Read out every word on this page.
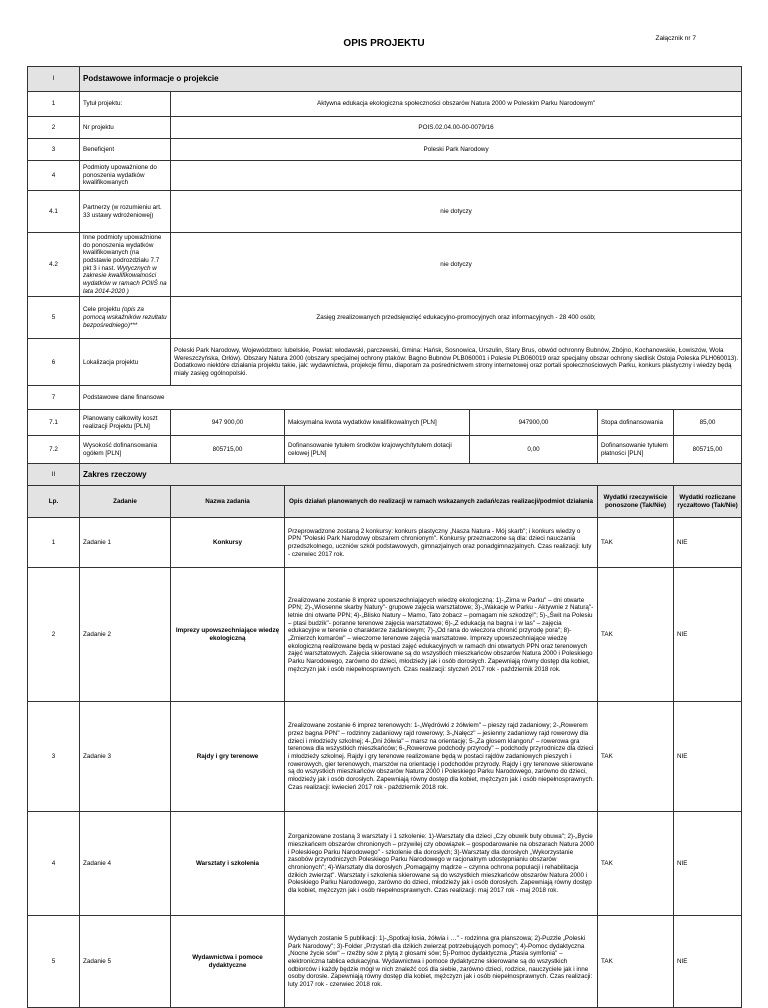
OPIS PROJEKTU	Załącznik nr 7
I	Podstawowe informacje o projekcie					
1	Tytuł projektu:	Aktywna edukacja ekologiczna społeczności obszarów Natura 2000 w Poleskim Parku Narodowym"				
2	Nr projektu	POIS.02.04.00-00-0079/16				
3	Beneficjent	Poleski Park Narodowy				
4	Podmioty upoważnione do ponoszenia wydatków kwalifikowanych					
4.1	Partnerzy (w rozumieniu art. 33 ustawy wdrożeniowej)	nie dotyczy				
4.2	Inne podmioty upoważnione do ponoszenia wydatków kwalifikowanych (na podstawie podrozdziału 7.7 pkt 3 i nast. Wytycznych w zakresie kwalifikowalności wydatków w ramach POIiŚ na lata 2014-2020 )	nie dotyczy				
5	Cele projektu (opis za pomocą wskaźników rezultatu bezpośredniego)***	Zasięg zrealizowanych przedsięwzięć edukacyjno-promocyjnych oraz informacyjnych - 28 400 osób;				
6	Lokalizacja projektu	Poleski Park Narodowy, Województwo: lubelskie, Powiat: włodawski, parczewski, Gmina: Hańsk, Sosnowica, Urszulin, Stary Brus, obwód ochronny Bubnów, Zbójno, Kochanowskie, Łowiszów, Wola Wereszczyńska, Orłów). Obszary Natura 2000 (obszary specjalnej ochrony ptaków: Bagno Bubnów PLB060001 i Polesie PLB060019 oraz specjalny obszar ochrony siedlisk Ostoja Poleska PLH060013). Dodatkowo niektóre działania projektu takie, jak: wydawnictwa, projekcje filmu, diaporam za pośrednictwem strony internetowej oraz portali społecznościowych Parku, konkurs plastyczny i wiedzy będą miały zasięg ogólnopolski.				
7	Podstawowe dane finansowe					
7.1	Planowany całkowity koszt realizacji Projektu [PLN]	947 900,00	Maksymalna kwota wydatków kwalifikowalnych [PLN]	947900,00	Stopa dofinansowania	85,00
7.2	Wysokość dofinansowania ogółem [PLN]	805715,00	Dofinansowanie tytułem środków krajowych/tytułem dotacji celowej [PLN]	0,00	Dofinansowanie tytułem płatności [PLN]	805715,00
II	Zakres rzeczowy					
Lp.	Zadanie	Nazwa zadania	Opis działań planowanych do realizacji w ramach wskazanych zadań/czas realizacji/podmiot działania		Wydatki rzeczywiście ponoszone (Tak/Nie)	Wydatki rozliczane ryczałtowo (Tak/Nie)
1	Zadanie 1	Konkursy	Przeprowadzone zostaną 2 konkursy: konkurs plastyczny „Nasza Natura - Mój skarb"; i konkurs wiedzy o PPN "Poleski Park Narodowy obszarem chronionym". Konkursy przeznaczone są dla: dzieci nauczania przedszkolnego, uczniów szkół podstawowych, gimnazjalnych oraz ponadgimnazjalnych. Czas realizacji: luty - czerwiec 2017 rok.		TAK	NIE
2	Zadanie 2	Imprezy upowszechniające wiedzę ekologiczną	Zrealizowane zostanie 8 imprez upowszechniających wiedzę ekologiczną: 1)-„Zima w Parku" – dni otwarte PPN; 2)-„Wiosenne skarby Natury"- grupowe zajęcia warsztatowe; 3)-„Wakacje w Parku - Aktywnie z Naturą"- letnie dni otwarte PPN; 4)-„Blisko Natury – Mamo, Tato zobacz – pomagam nie szkodzę!"; 5)-„Świt na Polesiu – ptasi budzik"- poranne terenowe zajęcia warsztatowe; 6)-„Z edukacją na bagna i w las" – zajęcia edukacyjne w terenie o charakterze zadaniowym; 7)-„Od rana do wieczora chronić przyrodę pora"; 8)-„Zmierzch komarów" – wieczorne terenowe zajęcia warsztatowe. Imprezy upowszechniające wiedzę ekologiczną realizowane będą w postaci zajęć edukacyjnych w ramach dni otwartych PPN oraz terenowych zajęć warsztatowych. Zajęcia skierowane są do wszystkich mieszkańców obszarów Natura 2000 i Poleskiego Parku Narodowego, zarówno do dzieci, młodzieży jak i osób dorosłych. Zapewniają równy dostęp dla kobiet, mężczyzn jak i osób niepełnosprawnych. Czas realizacji: styczeń 2017 rok - październik 2018 rok.		TAK	NIE
3	Zadanie 3	Rajdy i gry terenowe	Zrealizowane zostanie 6 imprez terenowych: 1-„Wędrówki z żółwiem" – pieszy rajd zadaniowy; 2-„Rowerem przez bagna PPN" – rodzinny zadaniowy rajd rowerowy; 3-„Nałęcz" – jesienny zadaniowy rajd rowerowy dla dzieci i młodzieży szkolnej; 4-„Dni żółwia" – marsz na orientację; 5-„Za głosem klangoru" – rowerowa gra terenowa dla wszystkich mieszkańców; 6-„Rowerowe podchody przyrody" – podchody przyrodnicze dla dzieci i młodzieży szkolnej. Rajdy i gry terenowe realizowane będą w postaci rajdów zadaniowych pieszych i rowerowych, gier terenowych, marszów na orientację i podchodów przyrody. Rajdy i gry terenowe skierowane są do wszystkich mieszkańców obszarów Natura 2000 i Poleskiego Parku Narodowego, zarówno do dzieci, młodzieży jak i osób dorosłych. Zapewniają równy dostęp dla kobiet, mężczyzn jak i osób niepełnosprawnych. Czas realizacji: kwiecień 2017 rok - październik 2018 rok.		TAK	NIE
4	Zadanie 4	Warsztaty i szkolenia	Zorganizowane zostaną 3 warsztaty i 1 szkolenie: 1)-Warsztaty dla dzieci „Czy obuwik buty obuwa"; 2)-„Bycie mieszkańcem obszarów chronionych – przywilej czy obowiązek – gospodarowanie na obszarach Natura 2000 i Poleskiego Parku Narodowego" - szkolenie dla dorosłych; 3)-Warsztaty dla dorosłych „Wykorzystanie zasobów przyrodniczych Poleskiego Parku Narodowego w racjonalnym udostępnianiu obszarów chronionych"; 4)-Warsztaty dla dorosłych „Pomagajmy mądrze – czynna ochrona populacji i rehabilitacja dzikich zwierząt". Warsztaty i szkolenia skierowane są do wszystkich mieszkańców obszarów Natura 2000 i Poleskiego Parku Narodowego, zarówno do dzieci, młodzieży jak i osób dorosłych. Zapewniają równy dostęp dla kobiet, mężczyzn jak i osób niepełnosprawnych. Czas realizacji: maj 2017 rok - maj 2018 rok.		TAK	NIE
5	Zadanie 5	Wydawnictwa i pomoce dydaktyczne	Wydanych zostanie 5 publikacji: 1)-„Spotkaj łosia, żółwia i …" - rodzinna gra planszowa; 2)-Puzzle „Poleski Park Narodowy"; 3)-Folder „Przystań dla dzikich zwierząt potrzebujących pomocy"; 4)-Pomoc dydaktyczna „Nocne życie sów" – rzeźby sów z płytą z głosami sów; 5)-Pomoc dydaktyczna „Ptasia symfonia" – elektroniczna tablica edukacyjna. Wydawnictwa i pomoce dydaktyczne skierowane są do wszystkich odbiorców i każdy będzie mógł w nich znaleźć coś dla siebie, zarówno dzieci, rodzice, nauczyciele jak i inne osoby dorosłe. Zapewniają równy dostęp dla kobiet, mężczyzn jak i osób niepełnosprawnych. Czas realizacji: luty 2017 rok - czerwiec 2018 rok.		TAK	NIE
